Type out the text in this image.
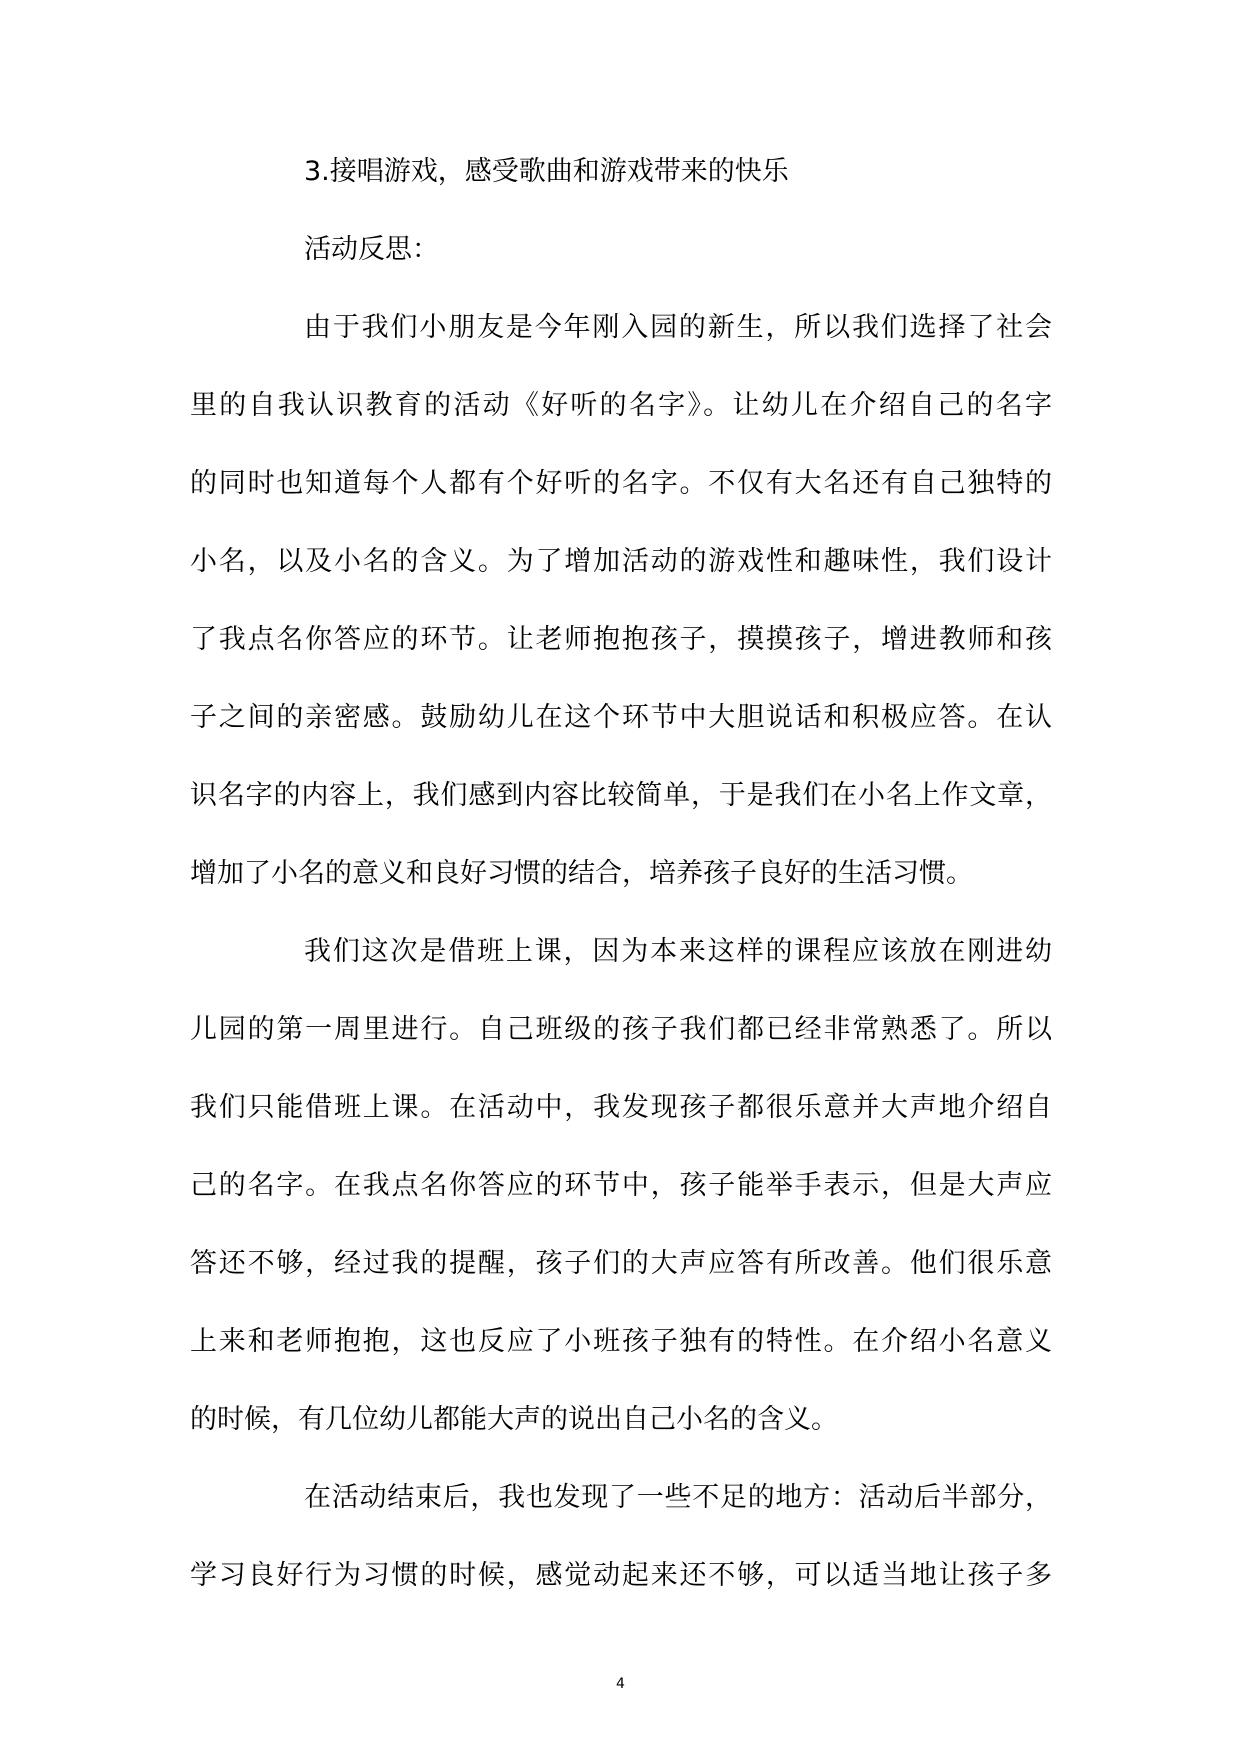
3.接唱游戏，感受歌曲和游戏带来的快乐
活动反思：
由于我们小朋友是今年刚入园的新生，所以我们选择了社会
里的自我认识教育的活动《好听的名字》。让幼儿在介绍自己的名字
的同时也知道每个人都有个好听的名字。不仅有大名还有自己独特的
小名，以及小名的含义。为了增加活动的游戏性和趣味性，我们设计
了我点名你答应的环节。让老师抱抱孩子，摸摸孩子，增进教师和孩
子之间的亲密感。鼓励幼儿在这个环节中大胆说话和积极应答。在认
识名字的内容上，我们感到内容比较简单，于是我们在小名上作文章，
增加了小名的意义和良好习惯的结合，培养孩子良好的生活习惯。
我们这次是借班上课，因为本来这样的课程应该放在刚进幼
儿园的第一周里进行。自己班级的孩子我们都已经非常熟悉了。所以
我们只能借班上课。在活动中，我发现孩子都很乐意并大声地介绍自
己的名字。在我点名你答应的环节中，孩子能举手表示，但是大声应
答还不够，经过我的提醒，孩子们的大声应答有所改善。他们很乐意
上来和老师抱抱，这也反应了小班孩子独有的特性。在介绍小名意义
的时候，有几位幼儿都能大声的说出自己小名的含义。
在活动结束后，我也发现了一些不足的地方：活动后半部分，
学习良好行为习惯的时候，感觉动起来还不够，可以适当地让孩子多
4
